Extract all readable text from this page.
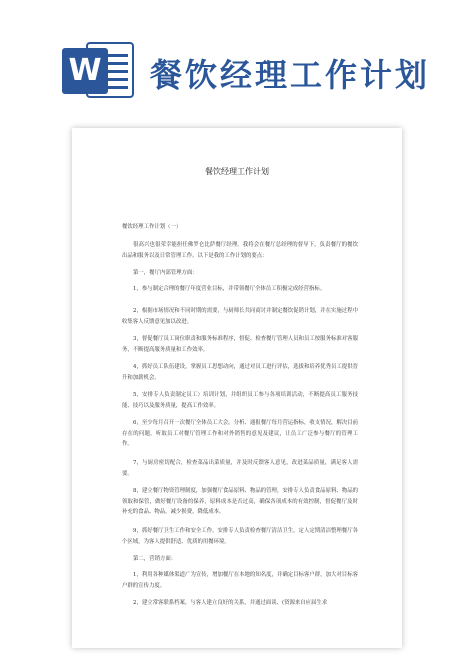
W 餐饮经理工作计划
餐饮经理工作计划
餐饮经理工作计划（一）
很高兴也很荣幸能担任佛罗仑比萨餐厅经理。我将会在餐厅总经理的督导下，负责餐厅的餐饮出品和服务以及日常管理工作。以下是我的工作计划的要点：
第一，餐厅内部管理方面：
1，参与制定合理的餐厅年度营业目标，并带领餐厅全体员工积极完成经营指标。
2，根据市场情况和不同时期的需要，与厨师长共同商讨并制定餐饮促销计划，并在实施过程中收集客人反馈意见加以改进。
3，督促餐厅员工岗位职责和服务标准程序，督促、检查餐厅管理人员和员工按服务标准对客服务，不断提高服务质量和工作效率。
4，抓好员工队伍建设，掌握员工思想动向，通过对员工进行评估，选拔和培养优秀员工提供晋升和加薪机会。
5，安排专人负责制定员工）培训计划，并组织员工参与各项培训活动，不断提高员工服务技能、技巧以及服务质量，提高工作效率。
6，至少每月召开一次餐厅全体员工大会。分析、通报餐厅每月营运指标，收支情况，解决目前存在的问题，听取员工对餐厅管理工作和对外销售的意见及建议，让员工广泛参与餐厅的管理工作。
7，与厨房密切配合，检查菜品出菜质量，并及时反馈客人意见，改进菜品质量，满足客人需要。
8，建立餐厅物资管理制度，加强餐厅食品原料、物品的管理，安排专人负责食品原料、物品的领取和保管，做好餐厅设备的保养，原料成本是否过高，确保各项成本的有效控制，督促餐厅及时补充的食品、物品，减少损费，降低成本。
9，抓好餐厅卫生工作和安全工作，安排专人负责检查餐厅清洁卫生，定人定期清洁整理餐厅各个区域，为客人提供舒适、优质的用餐环境。
第二，营销方面：
1，利用各种媒体渠道广为宣传，增加餐厅在本地的知名度，并确定目标客户群，加大对目标客户群的宣传力度。
2，建立常客联系档案，与客人建立良好的关系，并通过面谈、(资源来自应届生求
